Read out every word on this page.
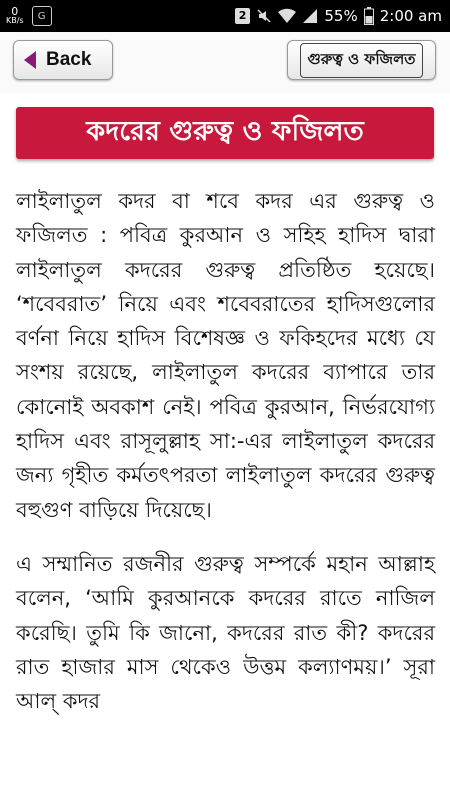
0
KB/s	G	2	55% 2:00 am
Back	গুরুত্ব ও ফজিলত
কদরের গুরুত্ব ও ফজিলত

লাইলাতুল কদর বা শবে কদর এর গুরুত্ব ও ফজিলত : পবিত্র কুরআন ও সহিহ হাদিস দ্বারা লাইলাতুল কদরের গুরুত্ব প্রতিষ্ঠিত হয়েছে। ‘শবেবরাত’ নিয়ে এবং শবেবরাতের হাদিসগুলোর বর্ণনা নিয়ে হাদিস বিশেষজ্ঞ ও ফকিহদের মধ্যে যে সংশয় রয়েছে, লাইলাতুল কদরের ব্যাপারে তার কোনোই অবকাশ নেই। পবিত্র কুরআন, নির্ভরযোগ্য হাদিস এবং রাসূলুল্লাহ সা:-এর লাইলাতুল কদরের জন্য গৃহীত কর্মতৎপরতা লাইলাতুল কদরের গুরুত্ব বহুগুণ বাড়িয়ে দিয়েছে।

এ সম্মানিত রজনীর গুরুত্ব সম্পর্কে মহান আল্লাহ বলেন, ‘আমি কুরআনকে কদরের রাতে নাজিল করেছি। তুমি কি জানো, কদরের রাত কী? কদরের রাত হাজার মাস থেকেও উত্তম কল্যাণময়।’ সূরা আল্ কদর
